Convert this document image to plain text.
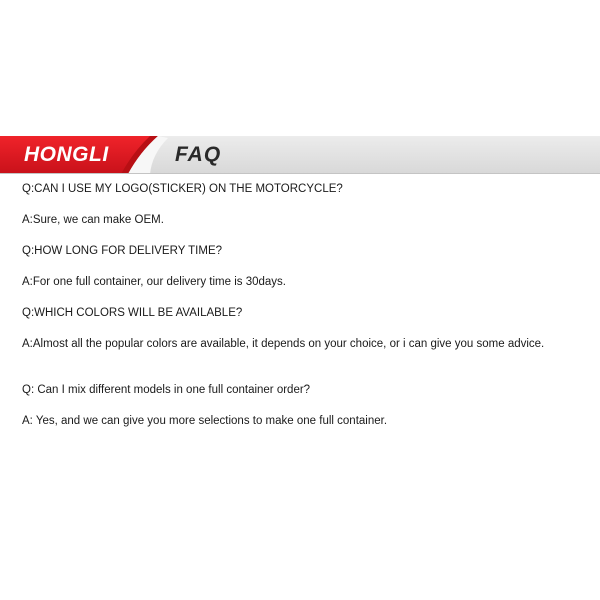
HONGLI	FAQ

Q:CAN I USE MY LOGO(STICKER) ON THE MOTORCYCLE?

A:Sure, we can make OEM.

Q:HOW LONG FOR DELIVERY TIME?

A:For one full container, our delivery time is 30days.

Q:WHICH COLORS WILL BE AVAILABLE?

A:Almost all the popular colors are available, it depends on your choice, or i can give you some advice.

Q: Can I mix different models in one full container order?

A: Yes, and we can give you more selections to make one full container.
